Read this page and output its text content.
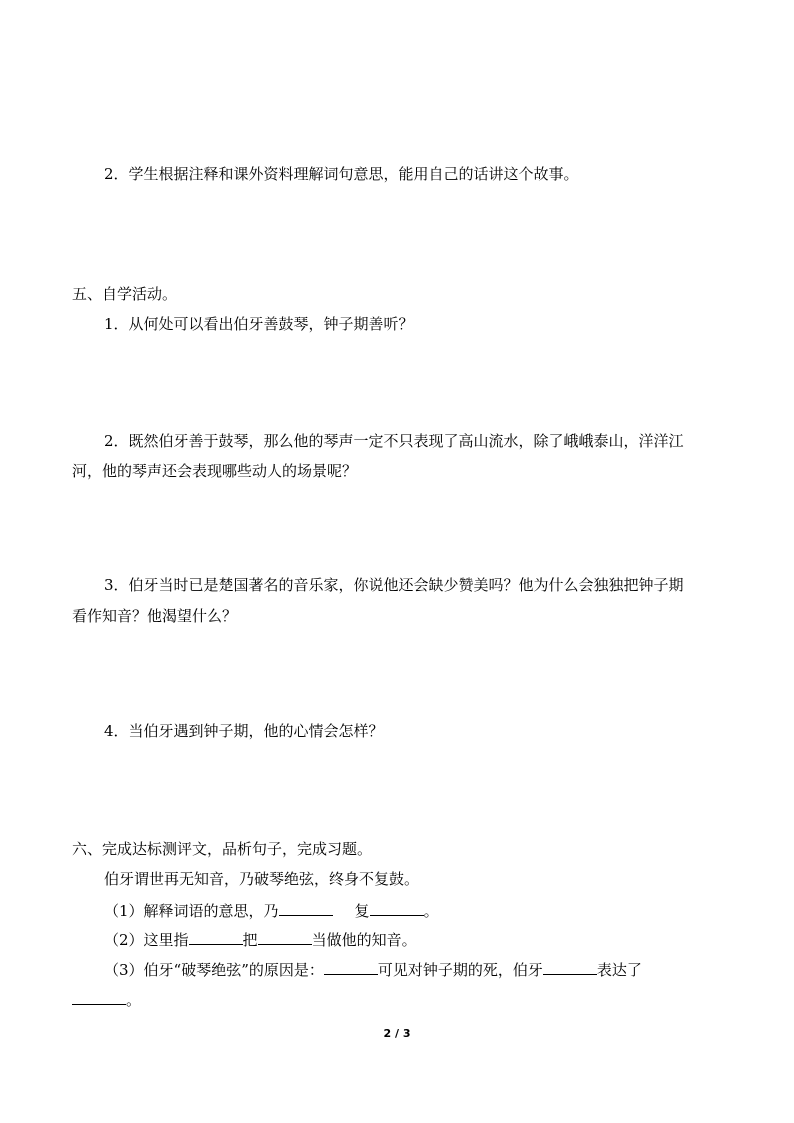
2．学生根据注释和课外资料理解词句意思，能用自己的话讲这个故事。
五、自学活动。
1．从何处可以看出伯牙善鼓琴，钟子期善听？
2．既然伯牙善于鼓琴，那么他的琴声一定不只表现了高山流水，除了峨峨泰山，洋洋江
河，他的琴声还会表现哪些动人的场景呢？
3．伯牙当时已是楚国著名的音乐家，你说他还会缺少赞美吗？他为什么会独独把钟子期
看作知音？他渴望什么？
4．当伯牙遇到钟子期，他的心情会怎样？
六、完成达标测评文，品析句子，完成习题。
伯牙谓世再无知音，乃破琴绝弦，终身不复鼓。
（1）解释词语的意思，乃	复	。
（2）这里指	把	当做他的知音。
（3）伯牙“破琴绝弦”的原因是：	可见对钟子期的死，伯牙	表达了
。
2 / 3
